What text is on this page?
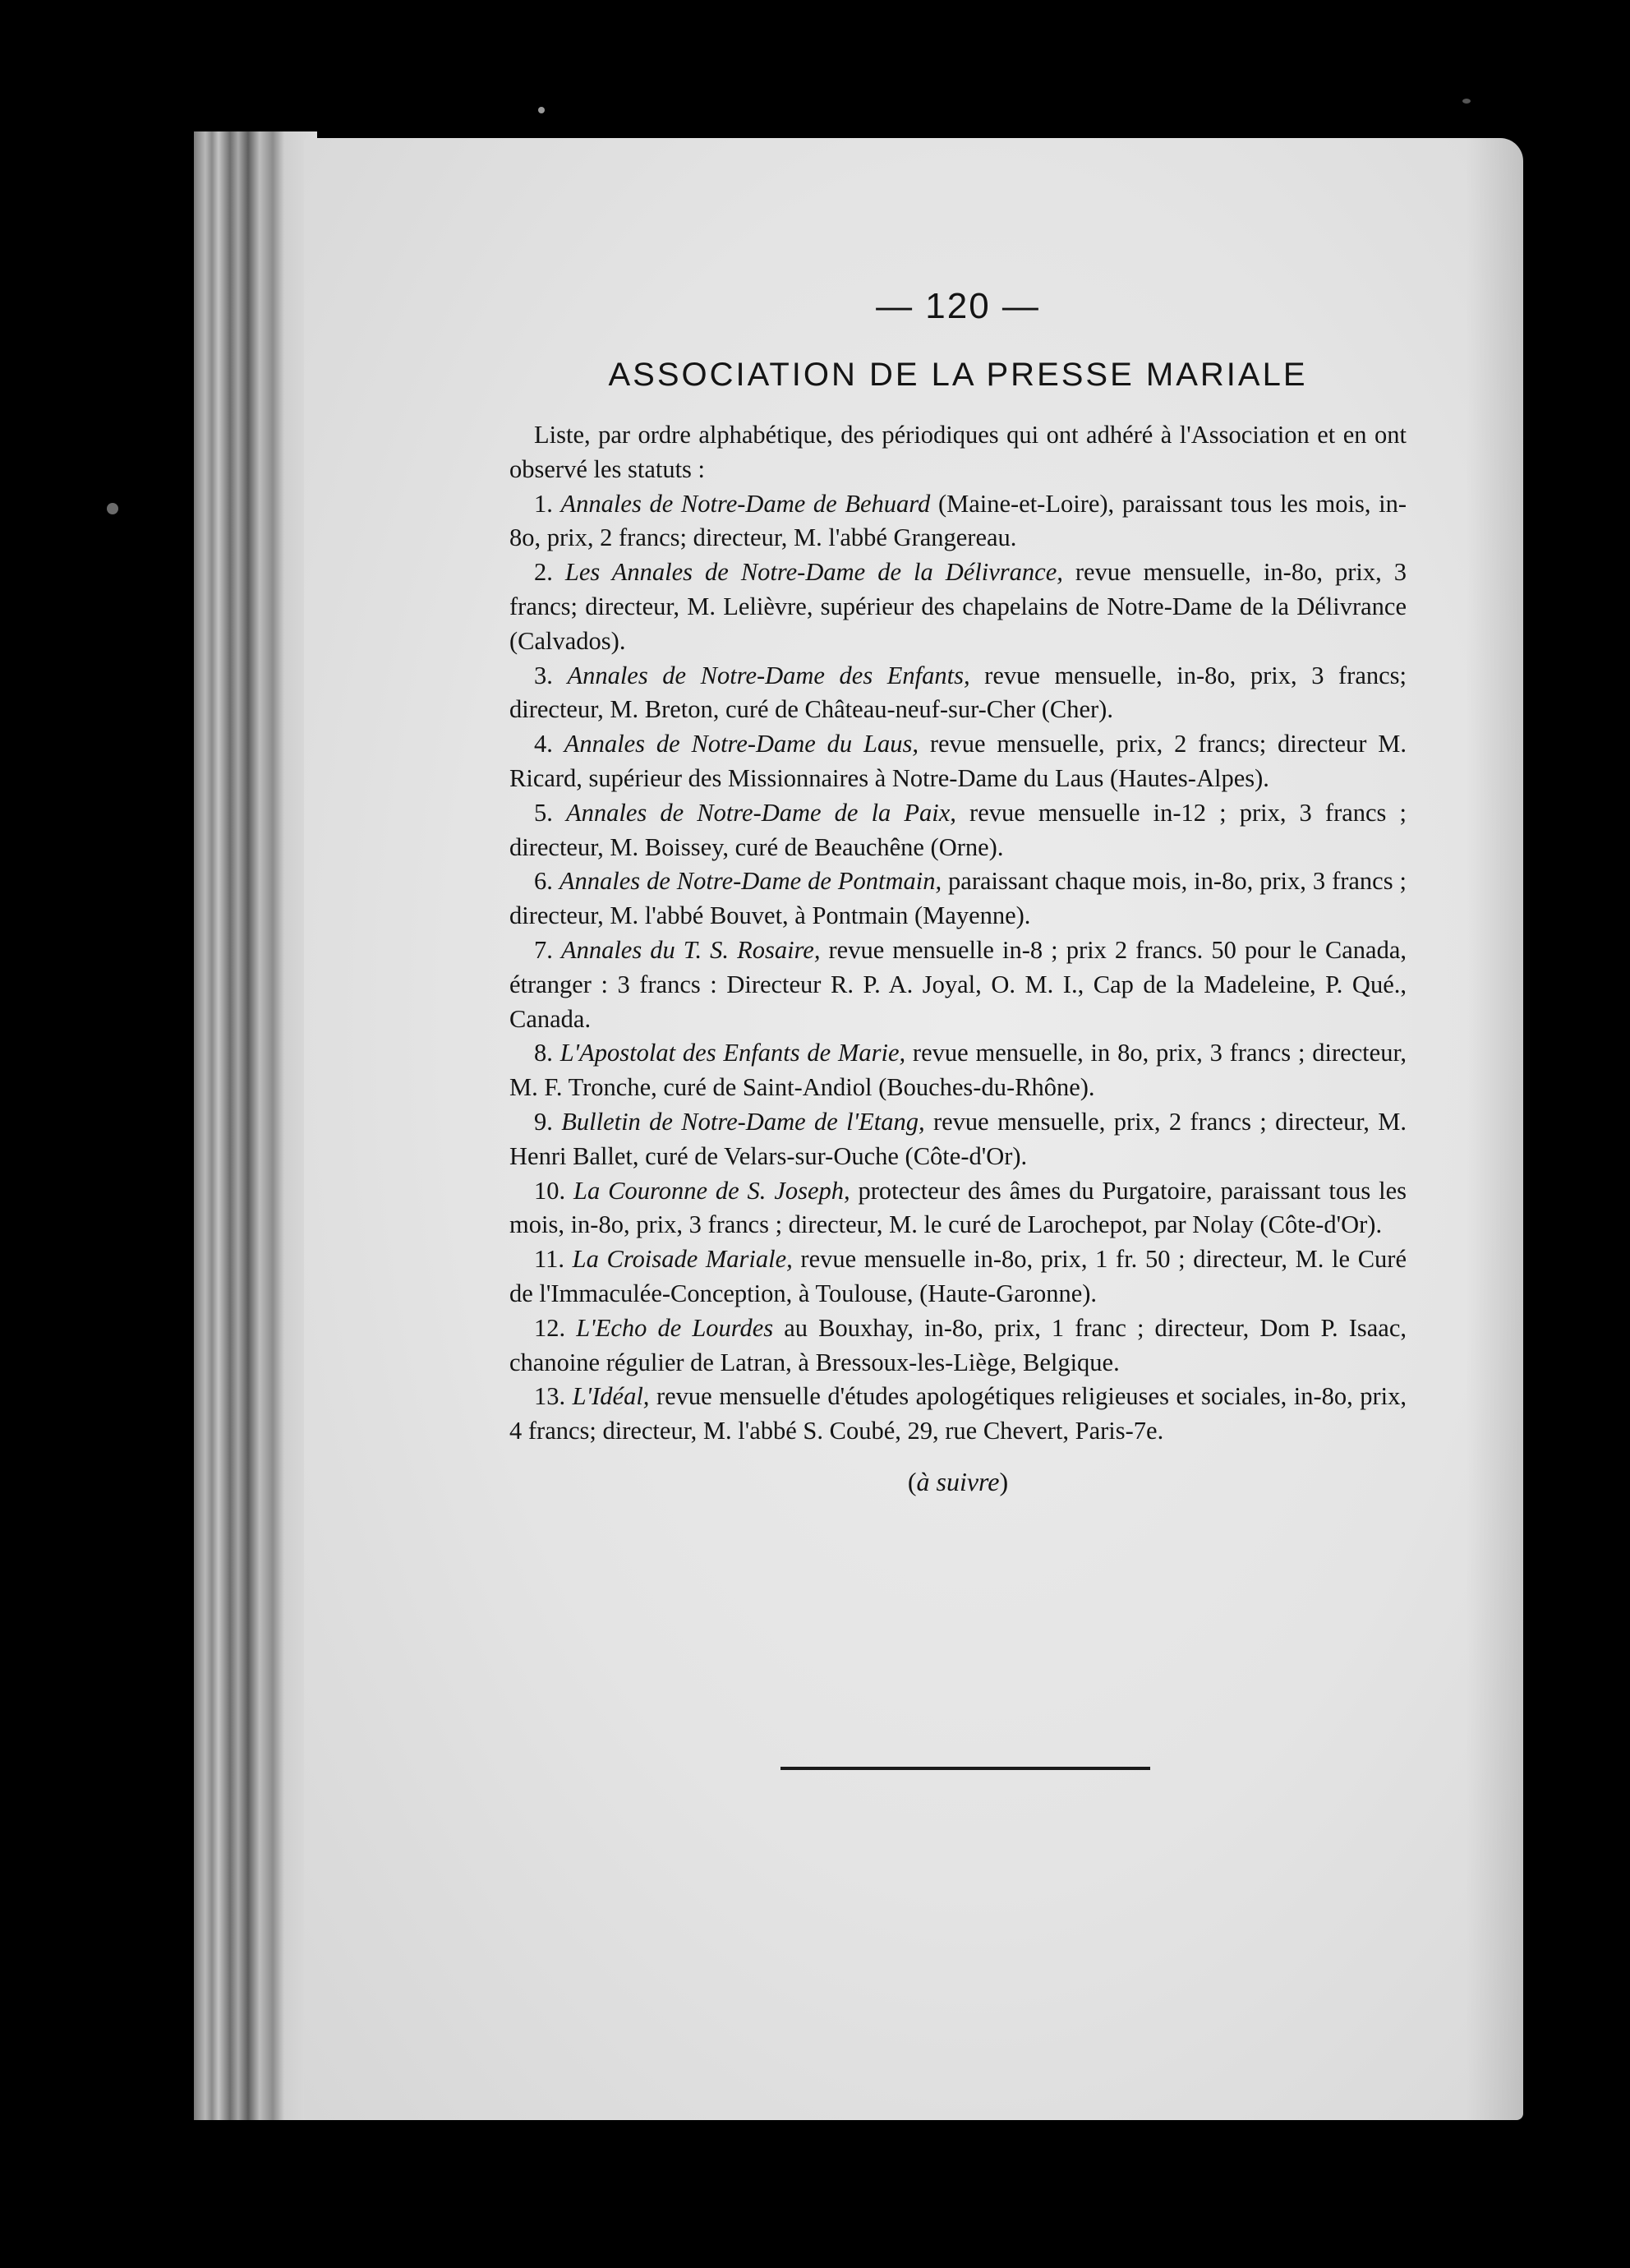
— 120 —
ASSOCIATION DE LA PRESSE MARIALE

Liste, par ordre alphabétique, des périodiques qui ont adhéré à l'Association et en ont observé les statuts :

1. Annales de Notre-Dame de Behuard (Maine-et-Loire), paraissant tous les mois, in-8o, prix, 2 francs; directeur, M. l'abbé Grangereau.

2. Les Annales de Notre-Dame de la Délivrance, revue mensuelle, in-8o, prix, 3 francs; directeur, M. Lelièvre, supérieur des chapelains de Notre-Dame de la Délivrance (Calvados).

3. Annales de Notre-Dame des Enfants, revue mensuelle, in-8o, prix, 3 francs; directeur, M. Breton, curé de Château-neuf-sur-Cher (Cher).

4. Annales de Notre-Dame du Laus, revue mensuelle, prix, 2 francs; directeur M. Ricard, supérieur des Missionnaires à Notre-Dame du Laus (Hautes-Alpes).

5. Annales de Notre-Dame de la Paix, revue mensuelle in-12 ; prix, 3 francs ; directeur, M. Boissey, curé de Beauchêne (Orne).

6. Annales de Notre-Dame de Pontmain, paraissant chaque mois, in-8o, prix, 3 francs ; directeur, M. l'abbé Bouvet, à Pontmain (Mayenne).

7. Annales du T. S. Rosaire, revue mensuelle in-8 ; prix 2 francs. 50 pour le Canada, étranger : 3 francs : Directeur R. P. A. Joyal, O. M. I., Cap de la Madeleine, P. Qué., Canada.

8. L'Apostolat des Enfants de Marie, revue mensuelle, in 8o, prix, 3 francs ; directeur, M. F. Tronche, curé de Saint-Andiol (Bouches-du-Rhône).

9. Bulletin de Notre-Dame de l'Etang, revue mensuelle, prix, 2 francs ; directeur, M. Henri Ballet, curé de Velars-sur-Ouche (Côte-d'Or).

10. La Couronne de S. Joseph, protecteur des âmes du Purgatoire, paraissant tous les mois, in-8o, prix, 3 francs ; directeur, M. le curé de Larochepot, par Nolay (Côte-d'Or).

11. La Croisade Mariale, revue mensuelle in-8o, prix, 1 fr. 50 ; directeur, M. le Curé de l'Immaculée-Conception, à Toulouse, (Haute-Garonne).

12. L'Echo de Lourdes au Bouxhay, in-8o, prix, 1 franc ; directeur, Dom P. Isaac, chanoine régulier de Latran, à Bressoux-les-Liège, Belgique.

13. L'Idéal, revue mensuelle d'études apologétiques religieuses et sociales, in-8o, prix, 4 francs; directeur, M. l'abbé S. Coubé, 29, rue Chevert, Paris-7e.

(à suivre)
